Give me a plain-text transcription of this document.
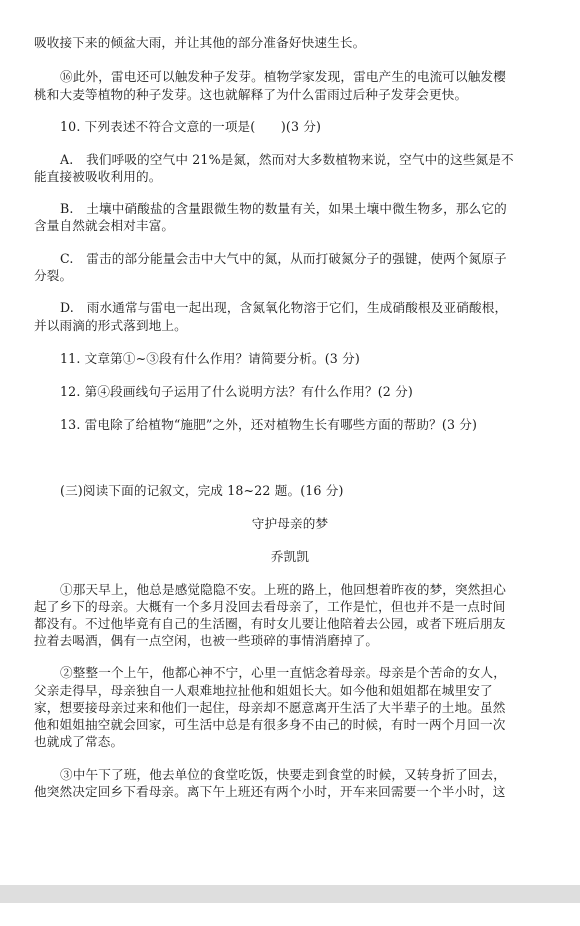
吸收接下来的倾盆大雨，并让其他的部分准备好快速生长。
⑯此外，雷电还可以触发种子发芽。植物学家发现，雷电产生的电流可以触发樱
桃和大麦等植物的种子发芽。这也就解释了为什么雷雨过后种子发芽会更快。
10. 下列表述不符合文意的一项是(　　)(3 分)
A.　我们呼吸的空气中 21%是氮，然而对大多数植物来说，空气中的这些氮是不
能直接被吸收利用的。
B.　土壤中硝酸盐的含量跟微生物的数量有关，如果土壤中微生物多，那么它的
含量自然就会相对丰富。
C.　雷击的部分能量会击中大气中的氮，从而打破氮分子的强键，使两个氮原子
分裂。
D.　雨水通常与雷电一起出现，含氮氧化物溶于它们，生成硝酸根及亚硝酸根，
并以雨滴的形式落到地上。
11. 文章第①~③段有什么作用？请简要分析。(3 分)
12. 第④段画线句子运用了什么说明方法？有什么作用？(2 分)
13. 雷电除了给植物“施肥”之外，还对植物生长有哪些方面的帮助？(3 分)
(三)阅读下面的记叙文，完成 18~22 题。(16 分)
守护母亲的梦
乔凯凯
①那天早上，他总是感觉隐隐不安。上班的路上，他回想着昨夜的梦，突然担心
起了乡下的母亲。大概有一个多月没回去看母亲了，工作是忙，但也并不是一点时间
都没有。不过他毕竟有自己的生活圈，有时女儿要让他陪着去公园，或者下班后朋友
拉着去喝酒，偶有一点空闲，也被一些琐碎的事情消磨掉了。
②整整一个上午，他都心神不宁，心里一直惦念着母亲。母亲是个苦命的女人，
父亲走得早，母亲独自一人艰难地拉扯他和姐姐长大。如今他和姐姐都在城里安了
家，想要接母亲过来和他们一起住，母亲却不愿意离开生活了大半辈子的土地。虽然
他和姐姐抽空就会回家，可生活中总是有很多身不由己的时候，有时一两个月回一次
也就成了常态。
③中午下了班，他去单位的食堂吃饭，快要走到食堂的时候，又转身折了回去，
他突然决定回乡下看母亲。离下午上班还有两个小时，开车来回需要一个半小时，这
